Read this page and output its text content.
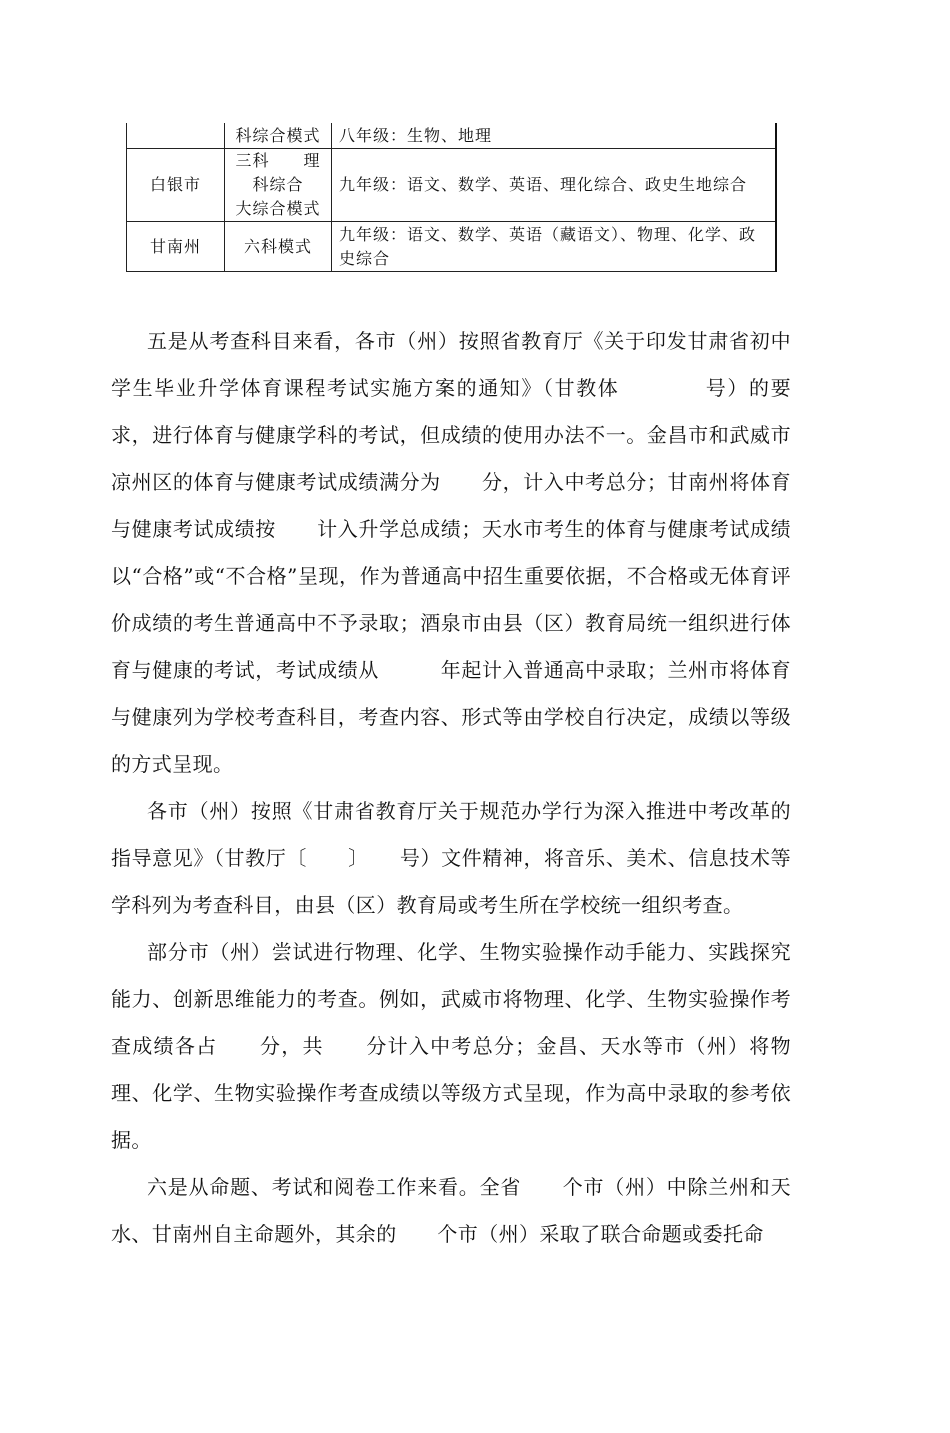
	科综合模式	八年级：生物、地理

白银市	三科　　理
科综合
大综合模式	九年级：语文、数学、英语、理化综合、政史生地综合

甘南州	六科模式	九年级：语文、数学、英语（藏语文）、物理、化学、政史综合

五是从考查科目来看，各市（州）按照省教育厅《关于印发甘肃省初中学生毕业升学体育课程考试实施方案的通知》（甘教体　　　　号）的要求，进行体育与健康学科的考试，但成绩的使用办法不一。金昌市和武威市凉州区的体育与健康考试成绩满分为　　分，计入中考总分；甘南州将体育与健康考试成绩按　　计入升学总成绩；天水市考生的体育与健康考试成绩以“合格”或“不合格”呈现，作为普通高中招生重要依据，不合格或无体育评价成绩的考生普通高中不予录取；酒泉市由县（区）教育局统一组织进行体育与健康的考试，考试成绩从　　　年起计入普通高中录取；兰州市将体育与健康列为学校考查科目，考查内容、形式等由学校自行决定，成绩以等级的方式呈现。

各市（州）按照《甘肃省教育厅关于规范办学行为深入推进中考改革的指导意见》（甘教厅〔　　〕　　号）文件精神，将音乐、美术、信息技术等学科列为考查科目，由县（区）教育局或考生所在学校统一组织考查。

部分市（州）尝试进行物理、化学、生物实验操作动手能力、实践探究能力、创新思维能力的考查。例如，武威市将物理、化学、生物实验操作考查成绩各占　　分，共　　分计入中考总分；金昌、天水等市（州）将物理、化学、生物实验操作考查成绩以等级方式呈现，作为高中录取的参考依据。

六是从命题、考试和阅卷工作来看。全省　　个市（州）中除兰州和天水、甘南州自主命题外，其余的　　个市（州）采取了联合命题或委托命
